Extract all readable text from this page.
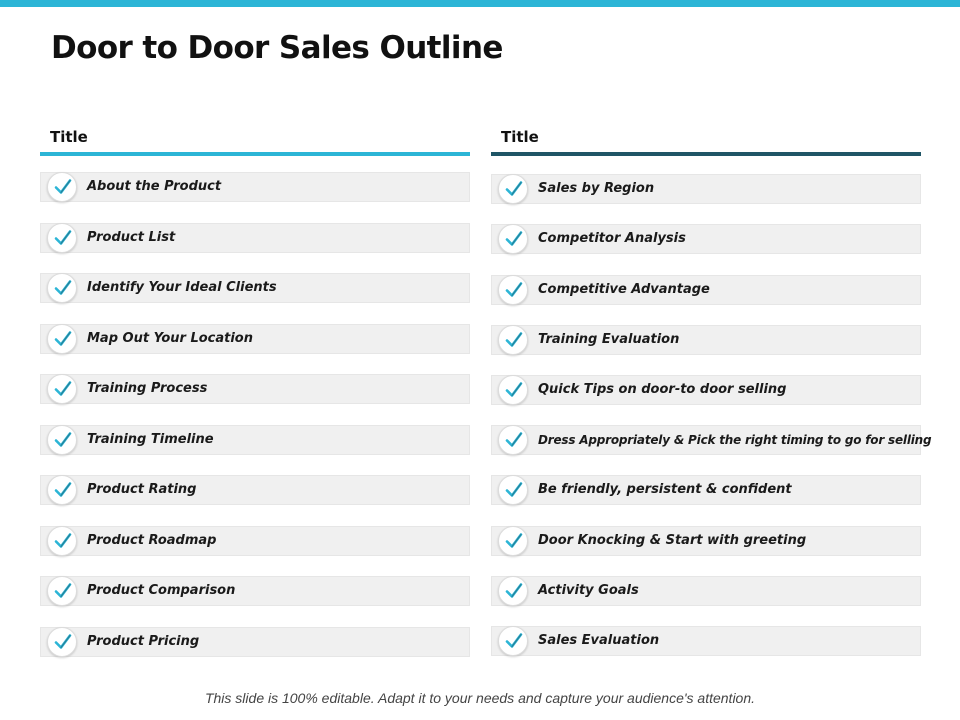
Door to Door Sales Outline
Title
About the Product
Product List
Identify Your Ideal Clients
Map Out Your Location
Training Process
Training Timeline
Product Rating
Product Roadmap
Product Comparison
Product Pricing
Title
Sales by Region
Competitor Analysis
Competitive Advantage
Training Evaluation
Quick Tips on door-to door selling
Dress Appropriately & Pick the right timing to go for selling
Be friendly, persistent & confident
Door Knocking & Start with greeting
Activity Goals
Sales Evaluation
This slide is 100% editable. Adapt it to your needs and capture your audience's attention.
